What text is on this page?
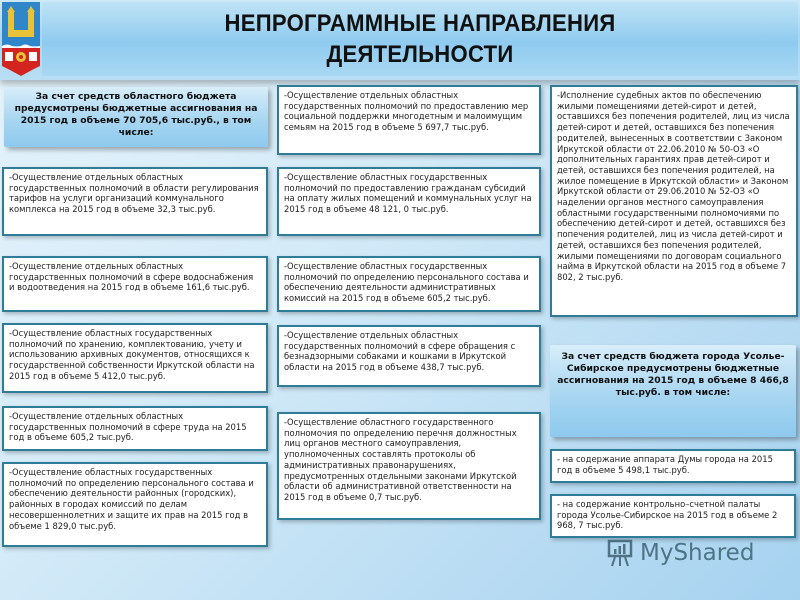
НЕПРОГРАММНЫЕ НАПРАВЛЕНИЯ
ДЕЯТЕЛЬНОСТИ
За счет средств областного бюджета предусмотрены бюджетные ассигнования на 2015 год в объеме 70 705,6 тыс.руб., в том числе:
-Осуществление отдельных областных государственных полномочий в области регулирования тарифов на услуги организаций коммунального комплекса на 2015 год в объеме 32,3 тыс.руб.
-Осуществление отдельных областных государственных полномочий в сфере водоснабжения и водоотведения на 2015 год в объеме 161,6 тыс.руб.
-Осуществление областных государственных полномочий по хранению, комплектованию, учету и использованию архивных документов, относящихся к государственной собственности Иркутской области на 2015 год в объеме 5 412,0 тыс.руб.
-Осуществление отдельных областных государственных полномочий в сфере труда на 2015 год в объеме 605,2 тыс.руб.
-Осуществление областных государственных полномочий по определению персонального состава и обеспечению деятельности районных (городских), районных в городах комиссий по делам несовершеннолетних и защите их прав на 2015 год в объеме 1 829,0 тыс.руб.
-Осуществление отдельных областных государственных полномочий по предоставлению мер социальной поддержки многодетным и малоимущим семьям на 2015 год в объеме 5 697,7 тыс.руб.
-Осуществление областных государственных полномочий по предоставлению гражданам субсидий на оплату жилых помещений и коммунальных услуг на 2015 год в объеме 48 121, 0 тыс.руб.
-Осуществление областных государственных полномочий по определению персонального состава и обеспечению деятельности административных комиссий на 2015 год в объеме 605,2 тыс.руб.
-Осуществление отдельных областных государственных полномочий в сфере обращения с безнадзорными собаками и кошками в Иркутской области на 2015 год в объеме 438,7 тыс.руб.
-Осуществление областного государственного полномочия по определению перечня должностных лиц органов местного самоуправления, уполномоченных составлять протоколы об административных правонарушениях, предусмотренных отдельными законами Иркутской области об административной ответственности на 2015 год в объеме 0,7 тыс.руб.
-Исполнение судебных актов по обеспечению жилыми помещениями детей-сирот и детей, оставшихся без попечения родителей, лиц из числа детей-сирот и детей, оставшихся без попечения родителей, вынесенных в соответствии с Законом Иркутской области от 22.06.2010 № 50-ОЗ «О дополнительных гарантиях прав детей-сирот и детей, оставшихся без попечения родителей, на жилое помещение в Иркутской области» и Законом Иркутской области от 29.06.2010 № 52-ОЗ «О наделении органов местного самоуправления областными государственными полномочиями по обеспечению детей-сирот и детей, оставшихся без попечения родителей, лиц из числа детей-сирот и детей, оставшихся без попечения родителей, жилыми помещениями по договорам социального найма в Иркутской области на 2015 год в объеме 7 802, 2 тыс.руб.
За счет средств бюджета города Усолье-Сибирское предусмотрены бюджетные ассигнования на 2015 год в объеме 8 466,8 тыс.руб. в том числе:
- на содержание аппарата Думы города на 2015 год в объеме 5 498,1 тыс.руб.
- на содержание контрольно–счетной палаты города Усолье-Сибирское на 2015 год в объеме 2 968, 7 тыс.руб.
MyShared
